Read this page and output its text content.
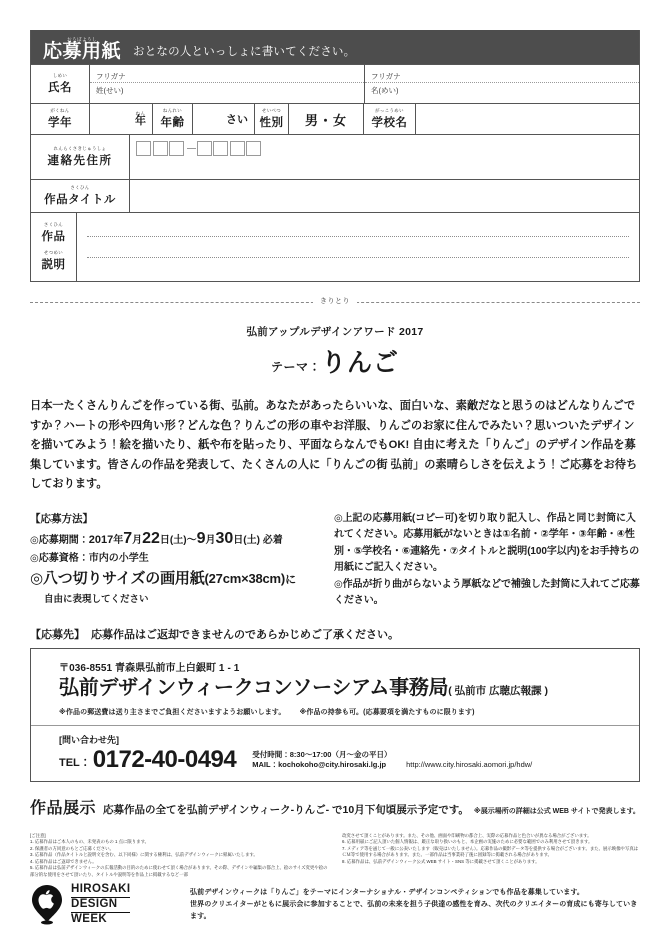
おうぼようし
応募用紙 おとなの人といっしょに書いてください。
しめい
氏名
フリガナ
姓(せい)
フリガナ
名(めい)
がくねん
学年
ねん
年
ねんれい
年齢	さい
せいべつ
性別 男・女
がっこうめい
学校名
れんらくさきじゅうしょ
連絡先住所
さくひん
作品タイトル
さくひん
作品
せつめい
説明
きりとり
弘前アップルデザインアワード 2017
テーマ：りんご
日本一たくさんりんごを作っている街、弘前。あなたがあったらいいな、面白いな、素敵だなと思うのはどんなりんごですか？ハートの形や四角い形？どんな色？りんごの形の車やお洋服、りんごのお家に住んでみたい？思いついたデザインを描いてみよう！絵を描いたり、紙や布を貼ったり、平面ならなんでもOK! 自由に考えた「りんご」のデザイン作品を募集しています。皆さんの作品を発表して、たくさんの人に「りんごの街 弘前」の素晴らしさを伝えよう！ご応募をお待ちしております。
【応募方法】
◎応募期間：2017年7月22日(土)～9月30日(土) 必着
◎応募資格：市内の小学生
◎八つ切りサイズの画用紙(27cm×38cm)に
自由に表現してください
◎上記の応募用紙(コピー可)を切り取り記入し、作品と同じ封筒に入れてください。応募用紙がないときは①名前・②学年・③年齢・④性別・⑤学校名・⑥連絡先・⑦タイトルと説明(100字以内)をお手持ちの用紙にご記入ください。
◎作品が折り曲がらないよう厚紙などで補強した封筒に入れてご応募ください。
【応募先】 応募作品はご返却できませんのであらかじめご了承ください。
〒036-8551 青森県弘前市上白銀町 1 - 1
弘前デザインウィークコンソーシアム事務局( 弘前市 広聴広報課 )
※作品の郵送費は送り主さまでご負担くださいますようお願いします。 ※作品の持参も可。(応募要項を満たすものに限ります)
[問い合わせ先]
TEL： 0172-40-0494 受付時間：8:30～17:00（月～金の平日）
MAIL：kochokoho@city.hirosaki.lg.jp	http://www.city.hirosaki.aomori.jp/hdw/
作品展示 応募作品の全てを弘前デザインウィーク-りんご- で10月下旬頃展示予定です。 ※展示場所の詳細は公式 WEB サイトで発表します。

[ご注意]

1. 応募作品はご本人のもの、未発表のもの 1 点に限ります。

2. 保護者の方同意のもとご応募ください。

3. 応募作品（作品タイトルと説明文を含む、以下同様）に関する権利は、弘前デザインウィークに帰属いたします。

4. 応募作品はご返却できません。

5. 応募作品は弘前デザインウィークの広報活動の目的のために使わせて頂く場合があります。その際、デザインや編集の都合上、絵のサイズ変更や絵の部分的な使用をさせて頂いたり、タイトルや説明等を作品上に掲載するなど一部

改変させて頂くことがあります。また、その他、画面や印刷物の都合上、実際の応募作品と色合いが異なる場合がございます。

6. 応募用紙にご記入頂いた個人情報は、厳正な取り扱いのもと、本企画の実施のために必要な範囲でのみ利用させて頂きます。

7. メディア等を通じて一般に公表いたします（販売はいたしません）。応募作品の撮影データ等を提供する場合がございます。また、展示映像や写真はＣＭ等で使用する場合があります。また、一部作品は当事業終了後に図録等に掲載される場合があります。

8. 応募作品は、弘前デザインウィーク公式 WEB サイト・SNS 等に掲載させて頂くことがあります。

HIROSAKI
DESIGN
WEEK

弘前デザインウィークは「りんご」をテーマにインターナショナル・デザインコンペティションでも作品を募集しています。

世界のクリエイターがともに展示会に参加することで、弘前の未来を担う子供達の感性を育み、次代のクリエイターの育成にも寄与していきます。
